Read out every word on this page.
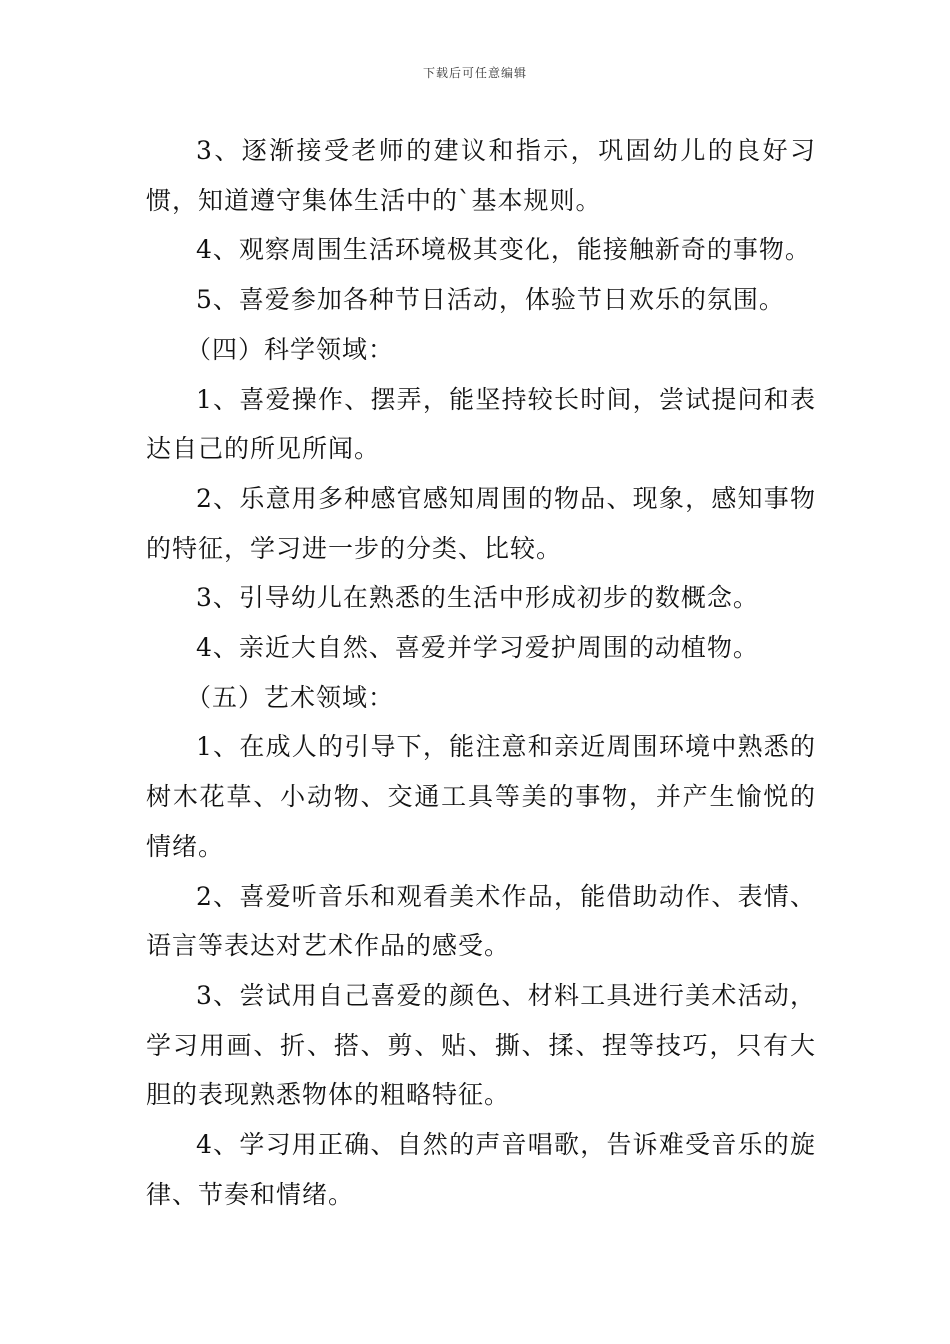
下载后可任意编辑

3、逐渐接受老师的建议和指示，巩固幼儿的良好习惯，知道遵守集体生活中的`基本规则。

4、观察周围生活环境极其变化，能接触新奇的事物。

5、喜爱参加各种节日活动，体验节日欢乐的氛围。

（四）科学领域：

1、喜爱操作、摆弄，能坚持较长时间，尝试提问和表达自己的所见所闻。

2、乐意用多种感官感知周围的物品、现象，感知事物的特征，学习进一步的分类、比较。

3、引导幼儿在熟悉的生活中形成初步的数概念。

4、亲近大自然、喜爱并学习爱护周围的动植物。

（五）艺术领域：

1、在成人的引导下，能注意和亲近周围环境中熟悉的树木花草、小动物、交通工具等美的事物，并产生愉悦的情绪。

2、喜爱听音乐和观看美术作品，能借助动作、表情、语言等表达对艺术作品的感受。

3、尝试用自己喜爱的颜色、材料工具进行美术活动，学习用画、折、搭、剪、贴、撕、揉、捏等技巧，只有大胆的表现熟悉物体的粗略特征。

4、学习用正确、自然的声音唱歌，告诉难受音乐的旋律、节奏和情绪。
